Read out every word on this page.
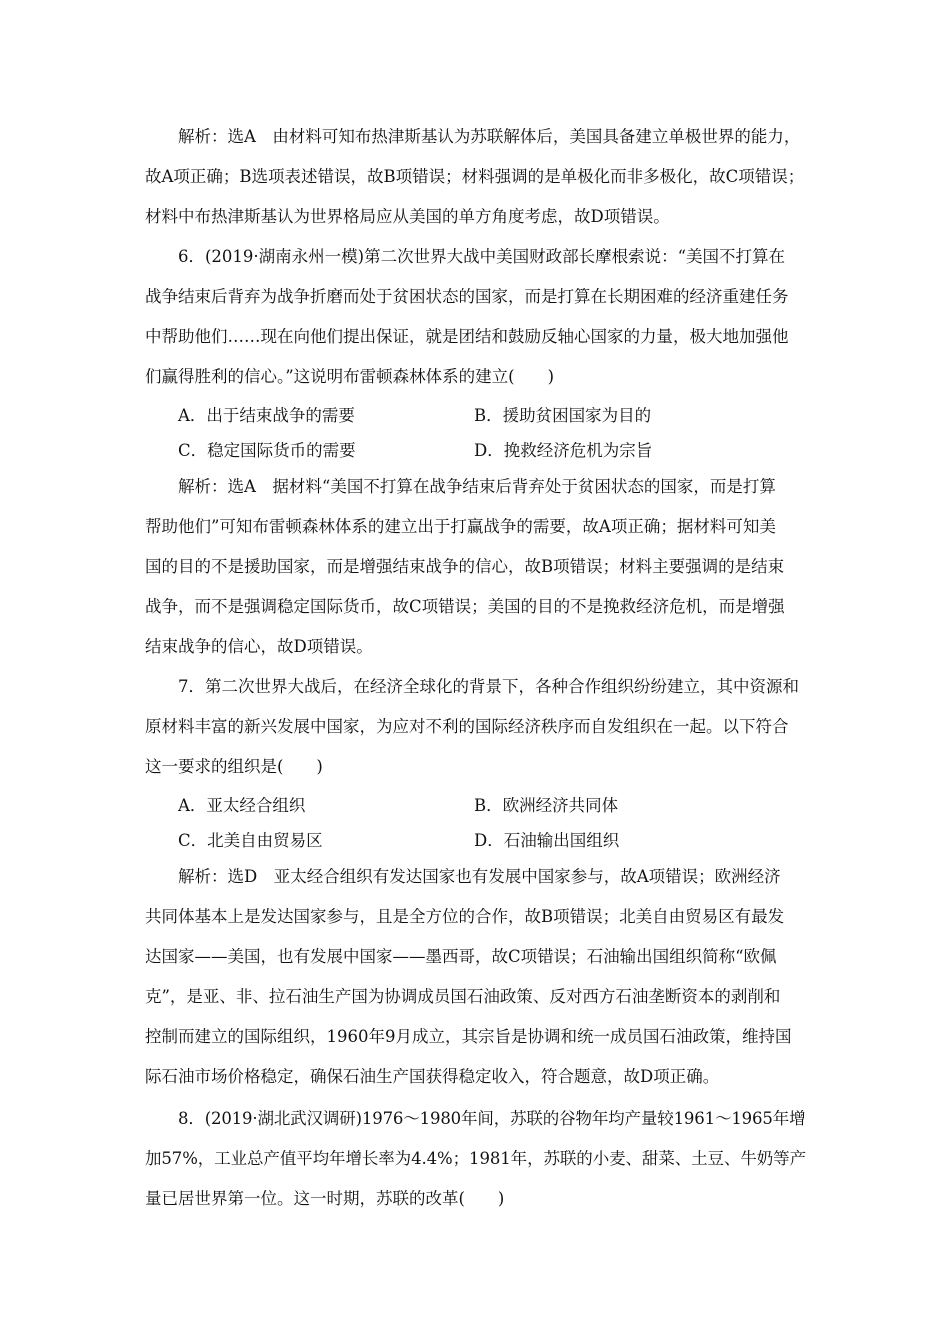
解析：选A　由材料可知布热津斯基认为苏联解体后，美国具备建立单极世界的能力，
故A项正确；B选项表述错误，故B项错误；材料强调的是单极化而非多极化，故C项错误；
材料中布热津斯基认为世界格局应从美国的单方角度考虑，故D项错误。
6．(2019·湖南永州一模)第二次世界大战中美国财政部长摩根索说：“美国不打算在
战争结束后背弃为战争折磨而处于贫困状态的国家，而是打算在长期困难的经济重建任务
中帮助他们……现在向他们提出保证，就是团结和鼓励反轴心国家的力量，极大地加强他
们赢得胜利的信心。”这说明布雷顿森林体系的建立(　　)
A．出于结束战争的需要	B．援助贫困国家为目的
C．稳定国际货币的需要	D．挽救经济危机为宗旨
解析：选A　据材料“美国不打算在战争结束后背弃处于贫困状态的国家，而是打算
帮助他们”可知布雷顿森林体系的建立出于打赢战争的需要，故A项正确；据材料可知美
国的目的不是援助国家，而是增强结束战争的信心，故B项错误；材料主要强调的是结束
战争，而不是强调稳定国际货币，故C项错误；美国的目的不是挽救经济危机，而是增强
结束战争的信心，故D项错误。
7．第二次世界大战后，在经济全球化的背景下，各种合作组织纷纷建立，其中资源和
原材料丰富的新兴发展中国家，为应对不利的国际经济秩序而自发组织在一起。以下符合
这一要求的组织是(　　)
A．亚太经合组织	B．欧洲经济共同体
C．北美自由贸易区	D．石油输出国组织
解析：选D　亚太经合组织有发达国家也有发展中国家参与，故A项错误；欧洲经济
共同体基本上是发达国家参与，且是全方位的合作，故B项错误；北美自由贸易区有最发
达国家——美国，也有发展中国家——墨西哥，故C项错误；石油输出国组织简称“欧佩
克”，是亚、非、拉石油生产国为协调成员国石油政策、反对西方石油垄断资本的剥削和
控制而建立的国际组织，1960年9月成立，其宗旨是协调和统一成员国石油政策，维持国
际石油市场价格稳定，确保石油生产国获得稳定收入，符合题意，故D项正确。
8．(2019·湖北武汉调研)1976～1980年间，苏联的谷物年均产量较1961～1965年增
加57%，工业总产值平均年增长率为4.4%；1981年，苏联的小麦、甜菜、土豆、牛奶等产
量已居世界第一位。这一时期，苏联的改革(　　)
